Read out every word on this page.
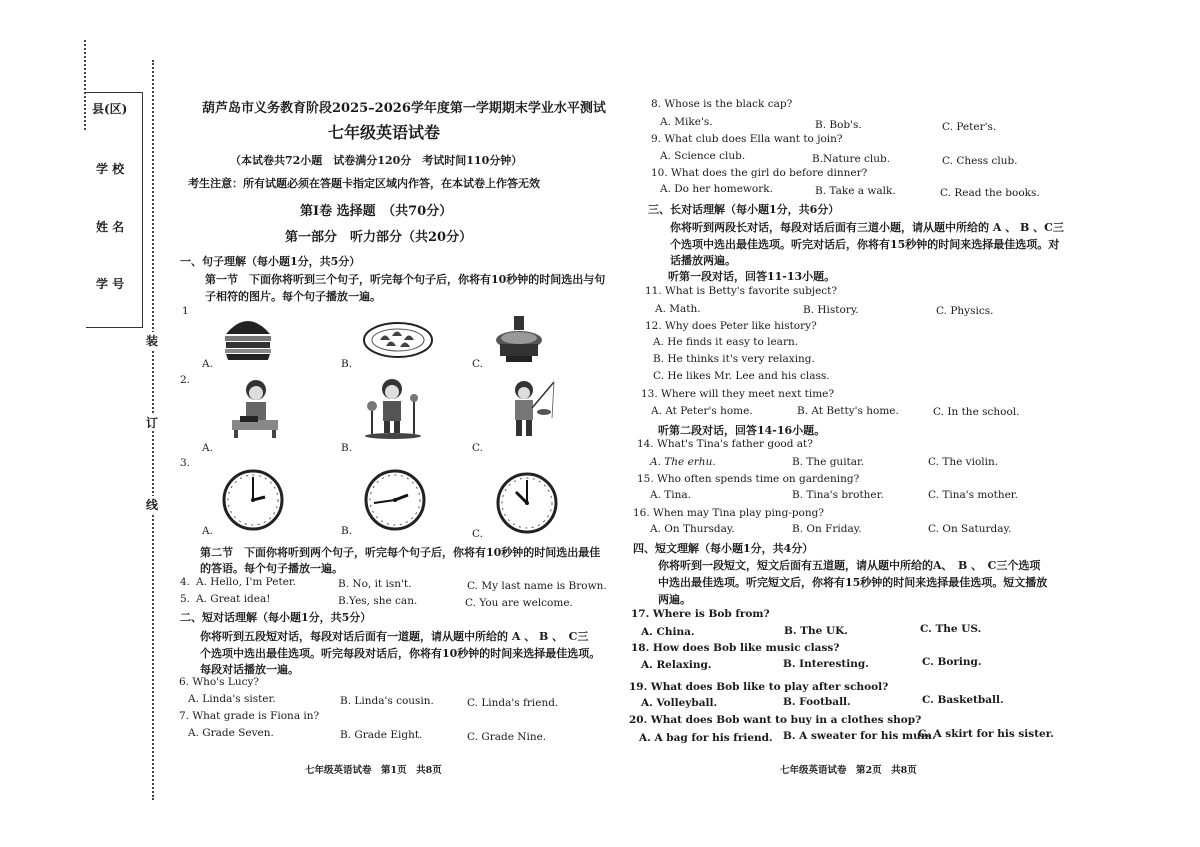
县(区)
学 校
姓 名
学 号
装
订
线
葫芦岛市义务教育阶段2025–2026学年度第一学期期末学业水平测试
七年级英语试卷
（本试卷共72小题　试卷满分120分　考试时间110分钟）
考生注意：所有试题必须在答题卡指定区域内作答，在本试卷上作答无效
第Ⅰ卷 选择题　（共70分）
第一部分　听力部分（共20分）
一、句子理解（每小题1分，共5分）
第一节　下面你将听到三个句子，听完每个句子后，你将有10秒钟的时间选出与句
子相符的图片。每个句子播放一遍。
1
2.
3.
A.	B.	C.
A.	B.	C.
A.	B.	C.
第二节　下面你将听到两个句子，听完每个句子后，你将有10秒钟的时间选出最佳
的答语。每个句子播放一遍。
4. A. Hello, I'm Peter.	B. No, it isn't.	C. My last name is Brown.
5. A. Great idea!	B.Yes, she can.	C. You are welcome.
二、短对话理解（每小题1分，共5分）
你将听到五段短对话，每段对话后面有一道题，请从题中所给的 A 、 B 、　C三
个选项中选出最佳选项。听完每段对话后，你将有10秒钟的时间来选择最佳选项。
每段对话播放一遍。
6. Who's Lucy?
A. Linda's sister.	B. Linda's cousin.	C. Linda's friend.
7. What grade is Fiona in?
A. Grade Seven.	B. Grade Eight.	C. Grade Nine.
七年级英语试卷　第1页　共8页
8. Whose is the black cap?
A. Mike's.	B. Bob's.	C. Peter's.
9. What club does Ella want to join?
A. Science club.	B.Nature club.	C. Chess club.
10. What does the girl do before dinner?
A. Do her homework.	B. Take a walk.	C. Read the books.
三、长对话理解（每小题1分，共6分）
你将听到两段长对话，每段对话后面有三道小题，请从题中所给的 A 、 B 、C三
个选项中选出最佳选项。听完对话后，你将有15秒钟的时间来选择最佳选项。对
话播放两遍。
听第一段对话，回答11-13小题。
11. What is Betty's favorite subject?
A. Math.	B. History.	C. Physics.
12. Why does Peter like history?
A. He finds it easy to learn.
B. He thinks it's very relaxing.
C. He likes Mr. Lee and his class.
13. Where will they meet next time?
A. At Peter's home.	B. At Betty's home.	C. In the school.
听第二段对话，回答14-16小题。
14. What's Tina's father good at?
A. The erhu.	B. The guitar.	C. The violin.
15. Who often spends time on gardening?
A. Tina.	B. Tina's brother.	C. Tina's mother.
16. When may Tina play ping-pong?
A. On Thursday.	B. On Friday.	C. On Saturday.
四、短文理解（每小题1分，共4分）
你将听到一段短文，短文后面有五道题，请从题中所给的A、　B 、　C三个选项
中选出最佳选项。听完短文后，你将有15秒钟的时间来选择最佳选项。短文播放
两遍。
17. Where is Bob from?
A. China.	B. The UK.	C. The US.
18. How does Bob like music class?
A. Relaxing.	B. Interesting.	C. Boring.
19. What does Bob like to play after school?
A. Volleyball.	B. Football.	C. Basketball.
20. What does Bob want to buy in a clothes shop?
A. A bag for his friend. B. A sweater for his mum.
C. A skirt for his sister.
七年级英语试卷　第2页　共8页
